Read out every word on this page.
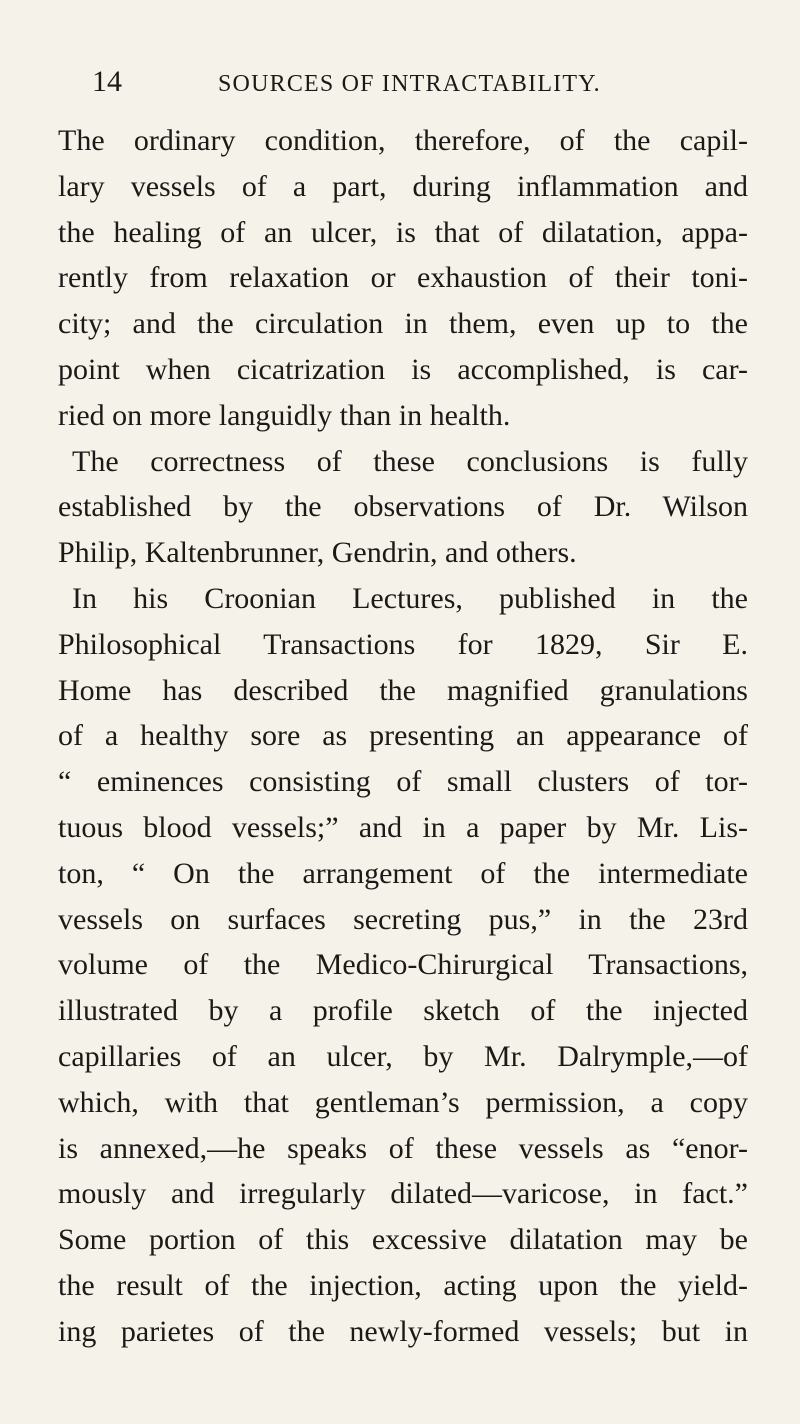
14	SOURCES OF INTRACTABILITY.
The ordinary condition, therefore, of the capil-
lary vessels of a part, during inflammation and
the healing of an ulcer, is that of dilatation, appa-
rently from relaxation or exhaustion of their toni-
city; and the circulation in them, even up to the
point when cicatrization is accomplished, is car-
ried on more languidly than in health.
The correctness of these conclusions is fully
established by the observations of Dr. Wilson
Philip, Kaltenbrunner, Gendrin, and others.
In his Croonian Lectures, published in the
Philosophical Transactions for 1829, Sir E.
Home has described the magnified granulations
of a healthy sore as presenting an appearance of
“ eminences consisting of small clusters of tor-
tuous blood vessels;” and in a paper by Mr. Lis-
ton, “ On the arrangement of the intermediate
vessels on surfaces secreting pus,” in the 23rd
volume of the Medico-Chirurgical Transactions,
illustrated by a profile sketch of the injected
capillaries of an ulcer, by Mr. Dalrymple,—of
which, with that gentleman’s permission, a copy
is annexed,—he speaks of these vessels as “enor-
mously and irregularly dilated—varicose, in fact.”
Some portion of this excessive dilatation may be
the result of the injection, acting upon the yield-
ing parietes of the newly-formed vessels; but in
